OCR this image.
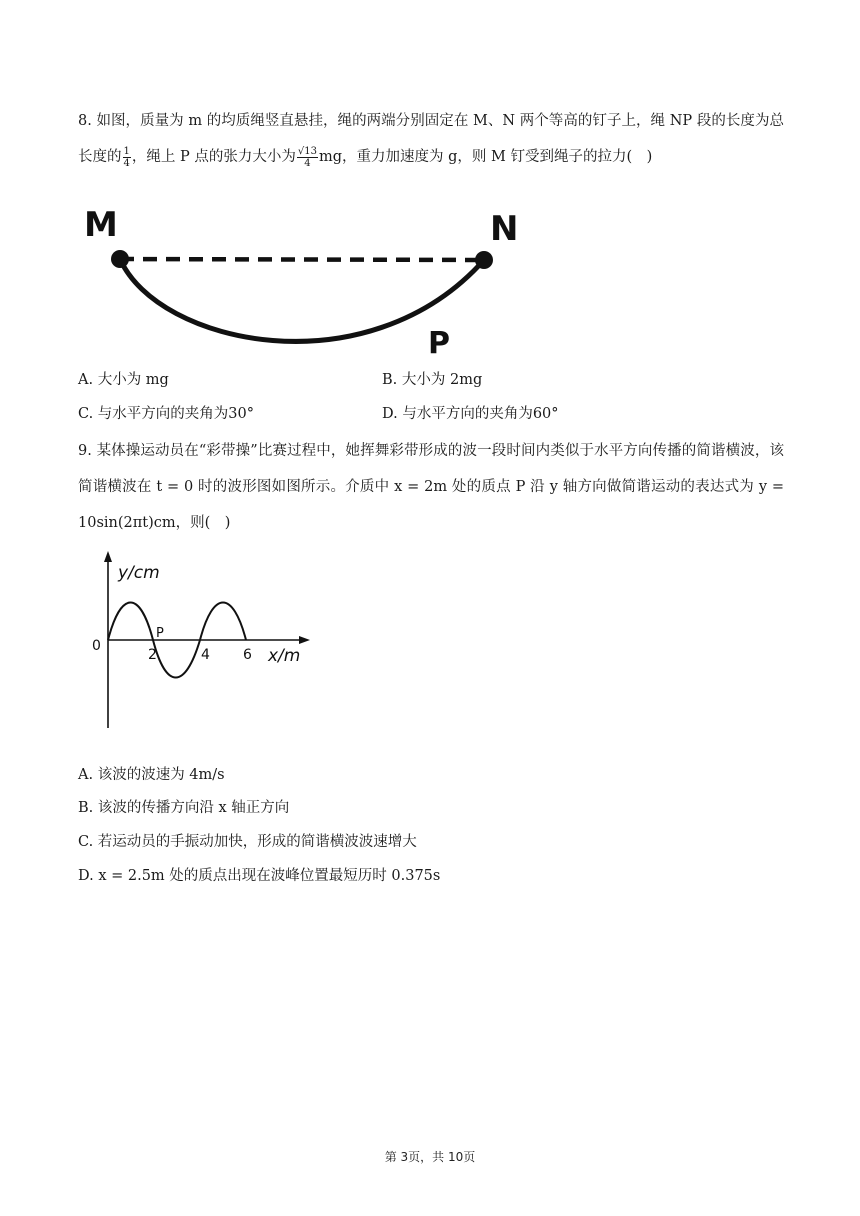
8. 如图，质量为 m 的均质绳竖直悬挂，绳的两端分别固定在 M、N 两个等高的钉子上，绳 NP 段的长度为总长度的 $\frac{1}{4}$ ，绳上 P 点的张力大小为 $\frac{√13}{4}$ mg，重力加速度为 g，则 M 钉受到绳子的拉力(　)
M	N
P
A. 大小为 mg	B. 大小为 2mg
C. 与水平方向的夹角为30°	D. 与水平方向的夹角为60°
9. 某体操运动员在“彩带操”比赛过程中，她挥舞彩带形成的波一段时间内类似于水平方向传播的简谐横波，该简谐横波在 t = 0 时的波形图如图所示。介质中 x = 2m 处的质点 P 沿 y 轴方向做简谐运动的表达式为 y = 10sin(2πt)cm，则(　)
y/cm
0
P
2	4 6 x/m
A. 该波的波速为 4m/s
B. 该波的传播方向沿 x 轴正方向
C. 若运动员的手振动加快，形成的简谐横波波速增大
D. x = 2.5m 处的质点出现在波峰位置最短历时 0.375s
第 3页，共 10页
